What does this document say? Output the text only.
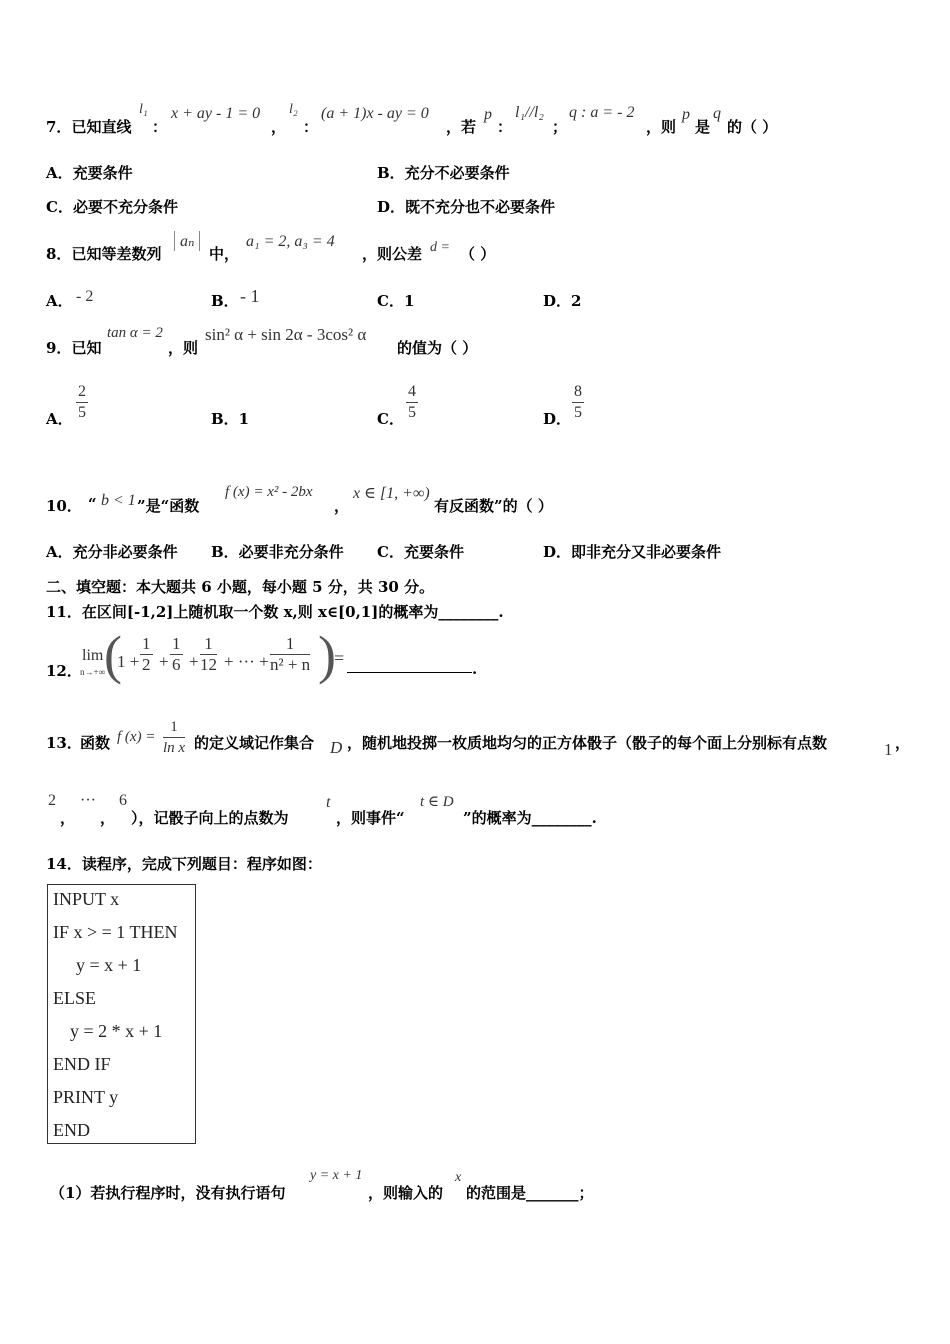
7．已知直线
l₁
：
x + ay - 1 = 0
，
l₂
：
(a + 1)x - ay = 0
，若
p
：
l₁//l₂
；
q : a = - 2
，则
p
是
q
的（ ）
A．充要条件	B．充分不必要条件
C．必要不充分条件	D．既不充分也不必要条件
8．已知等差数列
aₙ
中，
a₁ = 2, a₃ = 4
，则公差 d = （ ）
A． - 2	B． - 1	C．1	D．2
9．已知
tan α = 2
，则
sin² α + sin 2α - 3cos² α
的值为（ ）
A． $\frac{2}{5}$	B．1	C． $\frac{4}{5}$	D． $\frac{8}{5}$
10． “ b < 1 ”是“函数
f (x) = x² - 2bx
，
x ∈ [1, +∞)
有反函数”的（ ）
A．充分非必要条件 B．必要非充分条件 C．充要条件	D．即非充分又非必要条件
二、填空题：本大题共 6 小题，每小题 5 分，共 30 分。
11．在区间[-1,2]上随机取一个数 x,则 x∈[0,1]的概率为________.
12．
lim
n→+∞ (
$1 + \frac{1}{2} + \frac{1}{6} + \frac{1}{12}$ + ··· + $\frac{1}{\text{n² + n}}$ )
=
.
13．
函数 f $(x) = \frac{1}{\text{ln x}}$ 的定义域记作集合 D ，随机地投掷一枚质地均匀的正方体骰子（骰子的每个面上分别标有点数	1 ，
2
，
···
，
6
），记骰子向上的点数为
t
，则事件“
t ∈ D
”的概率为________.
14．读程序，完成下列题目：程序如图：
INPUT x
IF x > = 1 THEN
y = x + 1
ELSE
y = 2 * x + 1
END IF
PRINT y
END
（1）若执行程序时，没有执行语句
y = x + 1
，则输入的
x
的范围是_______；
